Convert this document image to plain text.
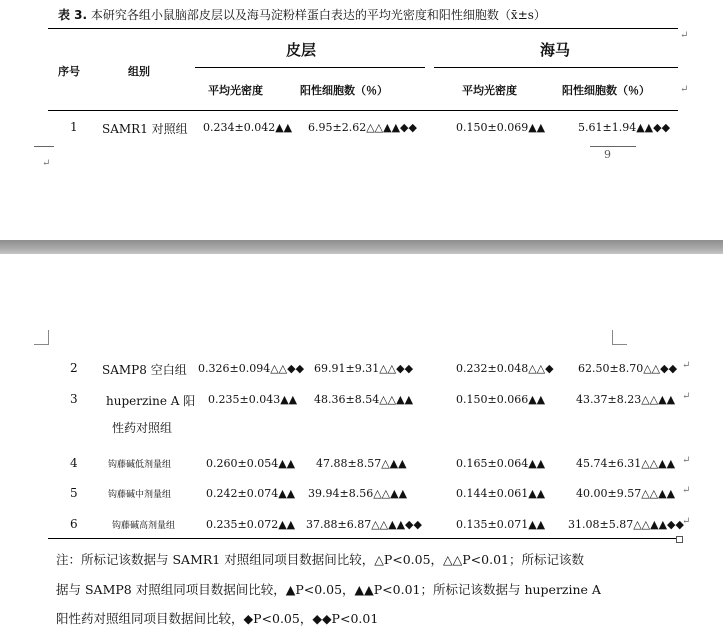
表 3. 本研究各组小鼠脑部皮层以及海马淀粉样蛋白表达的平均光密度和阳性细胞数（x̄±s）
序号	组别
皮层	海马
平均光密度	阳性细胞数（％）	平均光密度	阳性细胞数（％）
↵
↵
1 SAMR1 对照组 0.234±0.042▲▲ 6.95±2.62△△▲▲◆◆	0.150±0.069▲▲	5.61±1.94▲▲◆◆
9
↵
2 SAMP8 空白组 0.326±0.094△△◆◆ 69.91±9.31△△◆◆	0.232±0.048△△◆ 62.50±8.70△△◆◆
3 huperzine A 阳
性药对照组
0.235±0.043▲▲ 48.36±8.54△△▲▲	0.150±0.066▲▲	43.37±8.23△△▲▲
4	钩藤碱低剂量组	0.260±0.054▲▲ 47.88±8.57△▲▲	0.165±0.064▲▲	45.74±6.31△△▲▲
5	钩藤碱中剂量组	0.242±0.074▲▲ 39.94±8.56△△▲▲	0.144±0.061▲▲	40.00±9.57△△▲▲
6	钩藤碱高剂量组	0.235±0.072▲▲ 37.88±6.87△△▲▲◆◆	0.135±0.071▲▲ 31.08±5.87△△▲▲◆◆
↵
↵
↵
↵
↵
注：所标记该数据与 SAMR1 对照组同项目数据间比较，△P<0.05，△△P<0.01；所标记该数
据与 SAMP8 对照组同项目数据间比较，▲P<0.05，▲▲P<0.01；所标记该数据与 huperzine A
阳性药对照组同项目数据间比较，◆P<0.05，◆◆P<0.01
